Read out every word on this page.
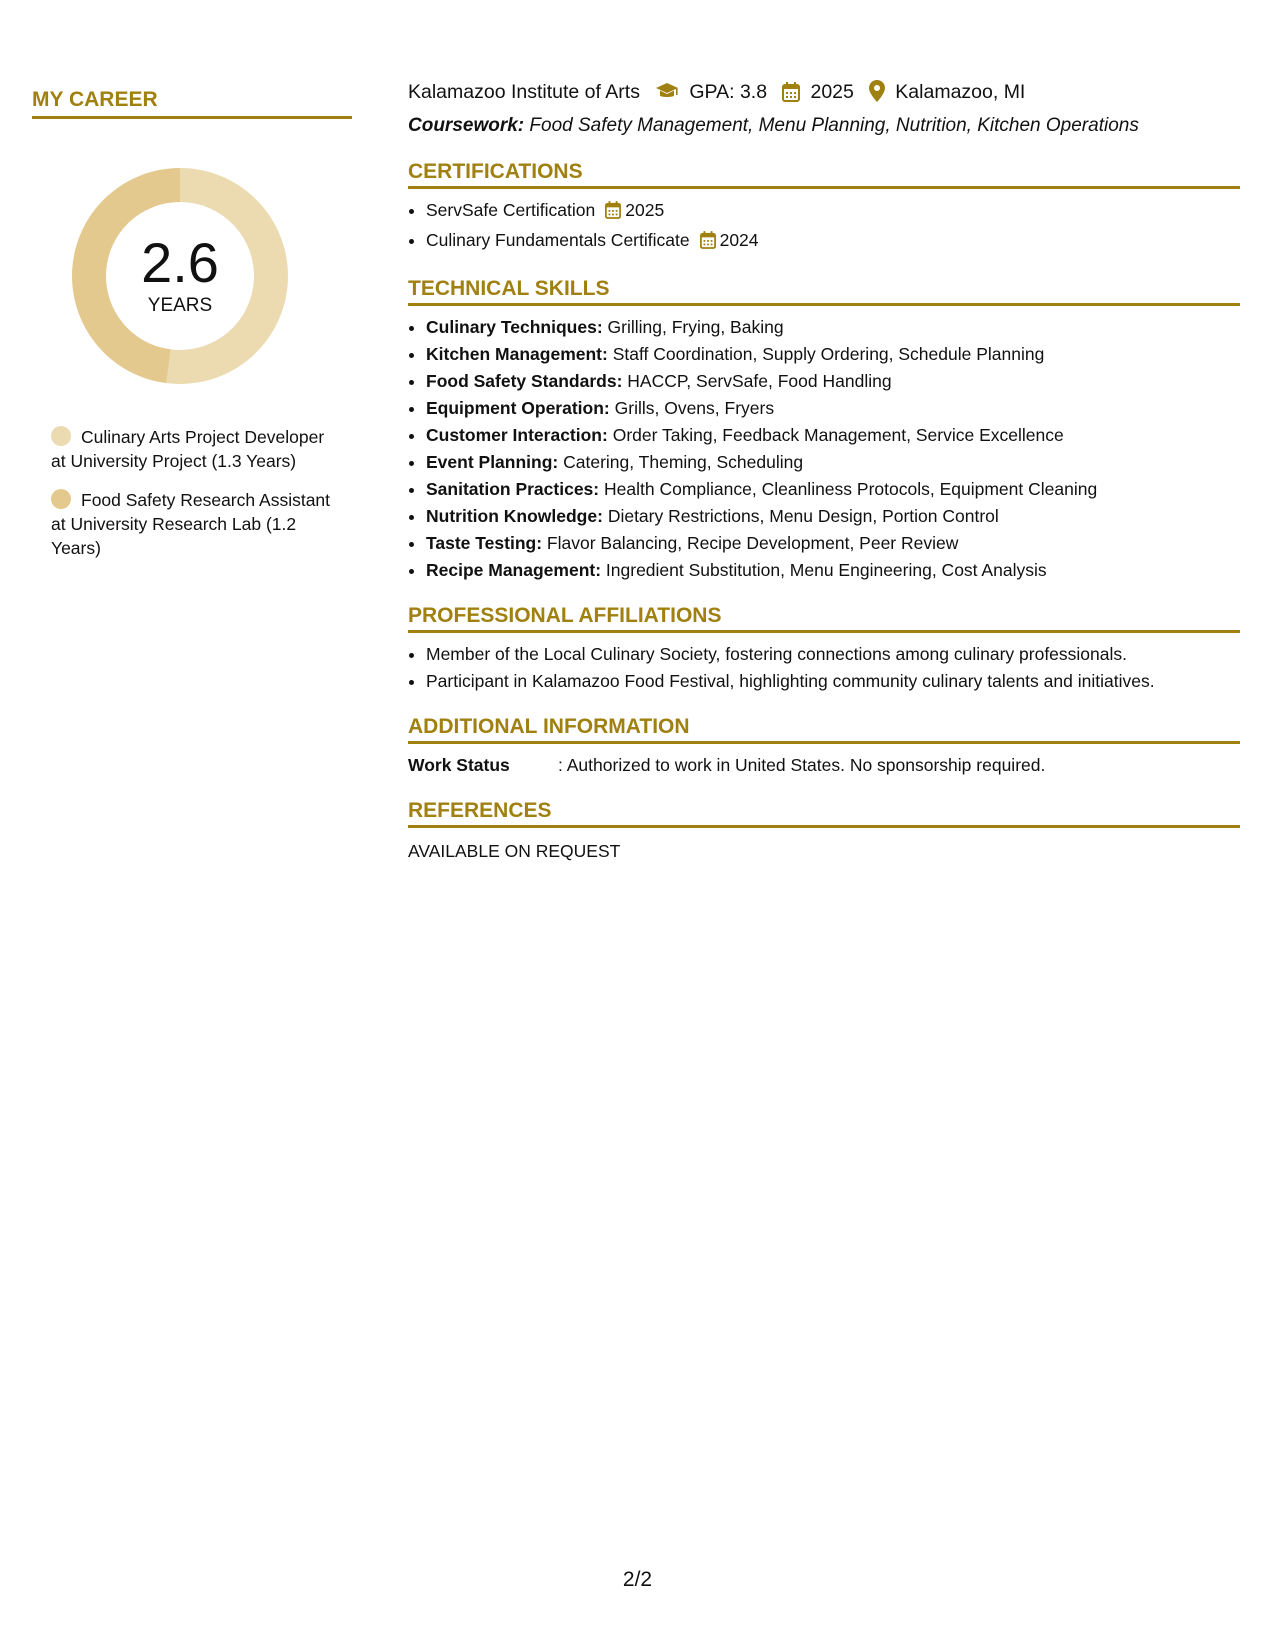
MY CAREER
2.6
YEARS
Culinary Arts Project Developer at University Project (1.3 Years)
Food Safety Research Assistant at University Research Lab (1.2 Years)
Kalamazoo Institute of Arts	GPA: 3.8 2025 Kalamazoo, MI
Coursework: Food Safety Management, Menu Planning, Nutrition, Kitchen Operations
CERTIFICATIONS
• ServSafe Certification 2025
• Culinary Fundamentals Certificate 2024
TECHNICAL SKILLS
• Culinary Techniques: Grilling, Frying, Baking
• Kitchen Management: Staff Coordination, Supply Ordering, Schedule Planning
• Food Safety Standards: HACCP, ServSafe, Food Handling
• Equipment Operation: Grills, Ovens, Fryers
• Customer Interaction: Order Taking, Feedback Management, Service Excellence
• Event Planning: Catering, Theming, Scheduling
• Sanitation Practices: Health Compliance, Cleanliness Protocols, Equipment Cleaning
• Nutrition Knowledge: Dietary Restrictions, Menu Design, Portion Control
• Taste Testing: Flavor Balancing, Recipe Development, Peer Review
• Recipe Management: Ingredient Substitution, Menu Engineering, Cost Analysis
PROFESSIONAL AFFILIATIONS
• Member of the Local Culinary Society, fostering connections among culinary professionals.
• Participant in Kalamazoo Food Festival, highlighting community culinary talents and initiatives.
ADDITIONAL INFORMATION
Work Status	: Authorized to work in United States. No sponsorship required.
REFERENCES
AVAILABLE ON REQUEST
2/2
